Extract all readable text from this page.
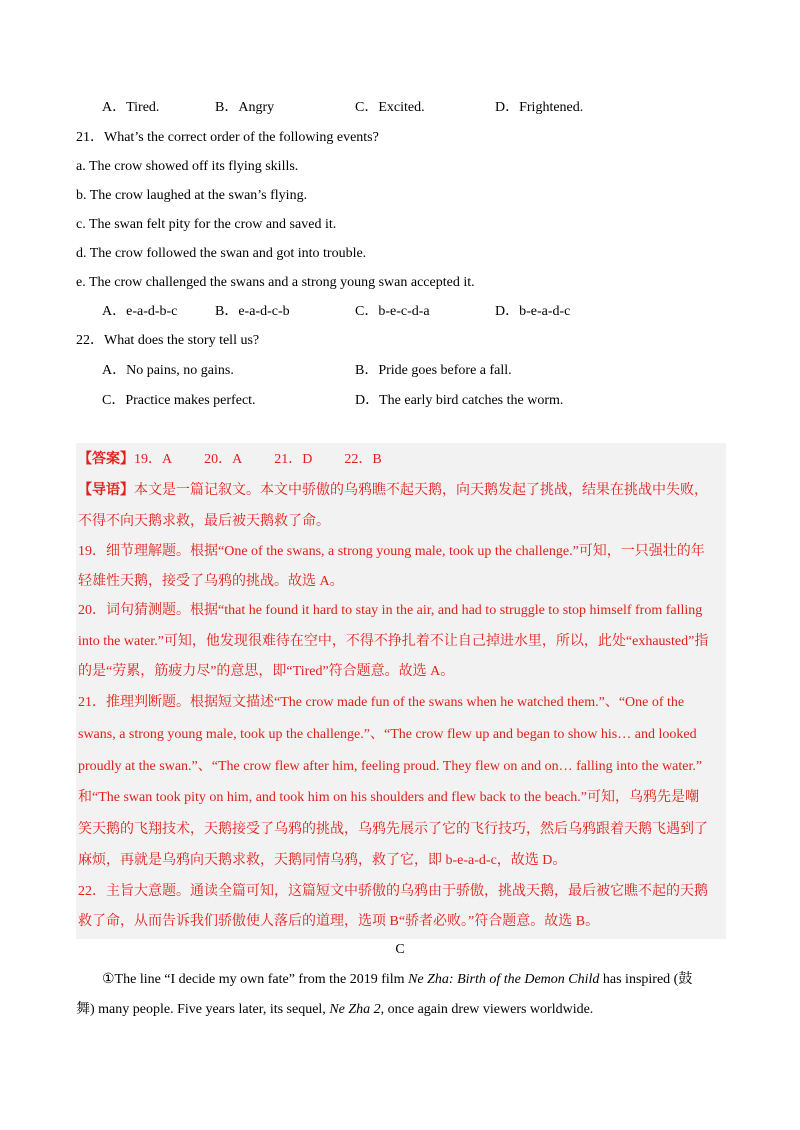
A．Tired.	B．Angry	C．Excited.	D．Frightened.
21．What’s the correct order of the following events?
a. The crow showed off its flying skills.
b. The crow laughed at the swan’s flying.
c. The swan felt pity for the crow and saved it.
d. The crow followed the swan and got into trouble.
e. The crow challenged the swans and a strong young swan accepted it.
A．e-a-d-b-c	B．e-a-d-c-b	C．b-e-c-d-a	D．b-e-a-d-c
22．What does the story tell us?
A．No pains, no gains.	B．Pride goes before a fall.
C．Practice makes perfect.	D．The early bird catches the worm.
【答案】19．A 20．A 21．D 22．B
【导语】本文是一篇记叙文。本文中骄傲的乌鸦瞧不起天鹅，向天鹅发起了挑战，结果在挑战中失败，
不得不向天鹅求救，最后被天鹅救了命。
19．细节理解题。根据“One of the swans, a strong young male, took up the challenge.”可知，一只强壮的年
轻雄性天鹅，接受了乌鸦的挑战。故选 A。
20．词句猜测题。根据“that he found it hard to stay in the air, and had to struggle to stop himself from falling
into the water.”可知，他发现很难待在空中，不得不挣扎着不让自己掉进水里，所以，此处“exhausted”指
的是“劳累，筋疲力尽”的意思，即“Tired”符合题意。故选 A。
21．推理判断题。根据短文描述“The crow made fun of the swans when he watched them.”、“One of the
swans, a strong young male, took up the challenge.”、“The crow flew up and began to show his… and looked
proudly at the swan.”、“The crow flew after him, feeling proud. They flew on and on… falling into the water.”
和“The swan took pity on him, and took him on his shoulders and flew back to the beach.”可知，乌鸦先是嘲
笑天鹅的飞翔技术，天鹅接受了乌鸦的挑战，乌鸦先展示了它的飞行技巧，然后乌鸦跟着天鹅飞遇到了
麻烦，再就是乌鸦向天鹅求救，天鹅同情乌鸦，救了它，即 b-e-a-d-c，故选 D。
22．主旨大意题。通读全篇可知，这篇短文中骄傲的乌鸦由于骄傲，挑战天鹅，最后被它瞧不起的天鹅
救了命，从而告诉我们骄傲使人落后的道理，选项 B“骄者必败。”符合题意。故选 B。
C
①The line “I decide my own fate” from the 2019 film Ne Zha: Birth of the Demon Child has inspired (鼓
舞) many people. Five years later, its sequel, Ne Zha 2, once again drew viewers worldwide.
